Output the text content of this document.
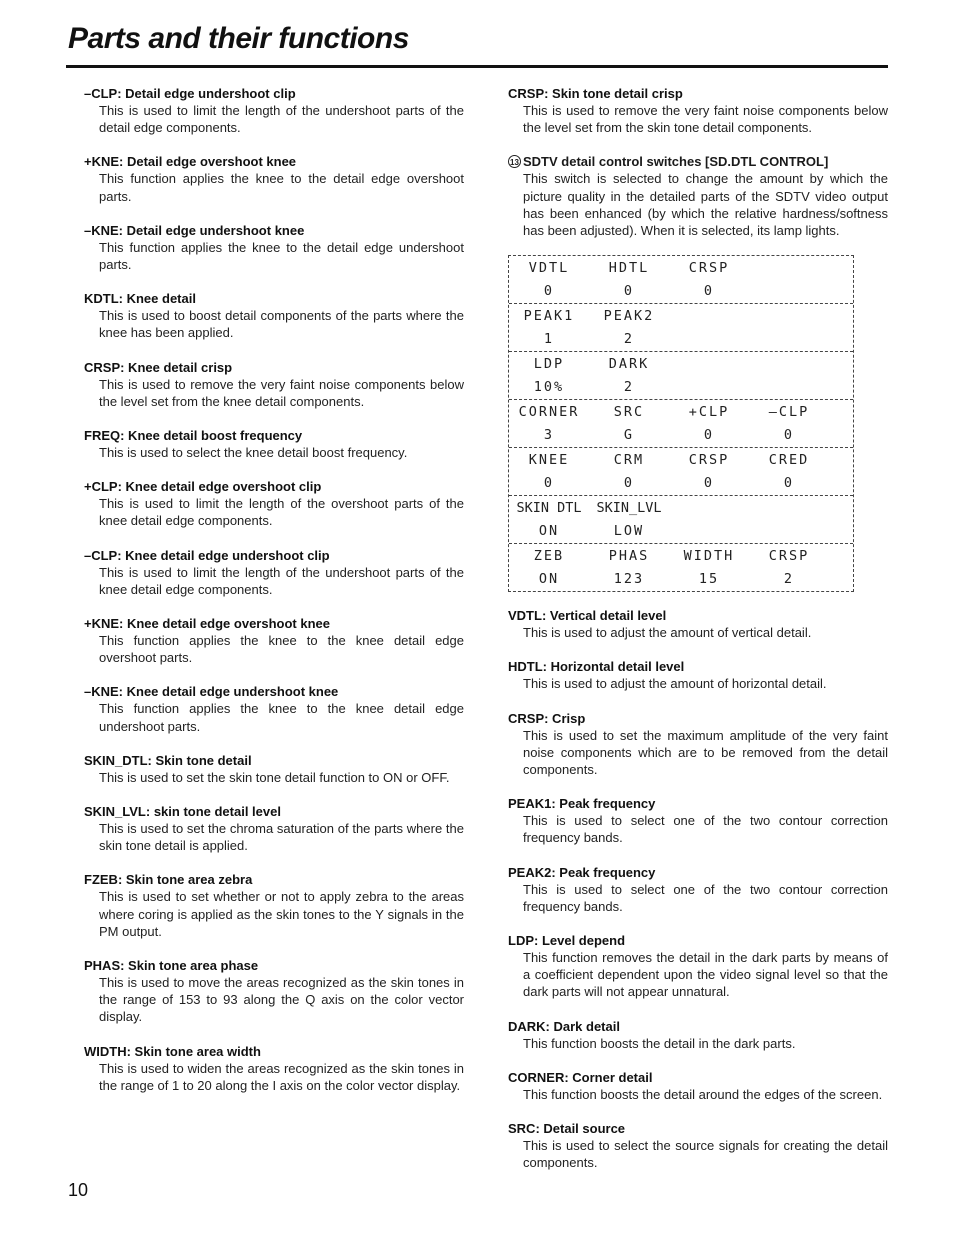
Parts and their functions
–CLP: Detail edge undershoot clip
This is used to limit the length of the undershoot parts of the detail edge components.
+KNE: Detail edge overshoot knee
This function applies the knee to the detail edge overshoot parts.
–KNE: Detail edge undershoot knee
This function applies the knee to the detail edge undershoot parts.
KDTL: Knee detail
This is used to boost detail components of the parts where the knee has been applied.
CRSP: Knee detail crisp
This is used to remove the very faint noise components below the level set from the knee detail components.
FREQ: Knee detail boost frequency
This is used to select the knee detail boost frequency.
+CLP: Knee detail edge overshoot clip
This is used to limit the length of the overshoot parts of the knee detail edge components.
–CLP: Knee detail edge undershoot clip
This is used to limit the length of the undershoot parts of the knee detail edge components.
+KNE: Knee detail edge overshoot knee
This function applies the knee to the knee detail edge overshoot parts.
–KNE: Knee detail edge undershoot knee
This function applies the knee to the knee detail edge undershoot parts.
SKIN_DTL: Skin tone detail
This is used to set the skin tone detail function to ON or OFF.
SKIN_LVL: skin tone detail level
This is used to set the chroma saturation of the parts where the skin tone detail is applied.
FZEB: Skin tone area zebra
This is used to set whether or not to apply zebra to the areas where coring is applied as the skin tones to the Y signals in the PM output.
PHAS: Skin tone area phase
This is used to move the areas recognized as the skin tones in the range of 153 to 93 along the Q axis on the color vector display.
WIDTH: Skin tone area width
This is used to widen the areas recognized as the skin tones in the range of 1 to 20 along the I axis on the color vector display.
CRSP: Skin tone detail crisp
This is used to remove the very faint noise components below the level set from the skin tone detail components.
13 SDTV detail control switches [SD.DTL CONTROL]
This switch is selected to change the amount by which the picture quality in the detailed parts of the SDTV video output has been enhanced (by which the relative hardness/softness has been adjusted). When it is selected, its lamp lights.
VDTL	HDTL	CRSP
0	0	0
PEAK1	PEAK2
1	2
LDP	DARK
10%	2
CORNER	SRC	+CLP	–CLP
3	G	0	0
KNEE	CRM	CRSP	CRED
0	0	0	0
SKIN DTL	SKIN_LVL
ON	LOW
ZEB	PHAS	WIDTH	CRSP
ON	123	15	2
VDTL: Vertical detail level
This is used to adjust the amount of vertical detail.
HDTL: Horizontal detail level
This is used to adjust the amount of horizontal detail.
CRSP: Crisp
This is used to set the maximum amplitude of the very faint noise components which are to be removed from the detail components.
PEAK1: Peak frequency
This is used to select one of the two contour correction frequency bands.
PEAK2: Peak frequency
This is used to select one of the two contour correction frequency bands.
LDP: Level depend
This function removes the detail in the dark parts by means of a coefficient dependent upon the video signal level so that the dark parts will not appear unnatural.
DARK: Dark detail
This function boosts the detail in the dark parts.
CORNER: Corner detail
This function boosts the detail around the edges of the screen.
SRC: Detail source
This is used to select the source signals for creating the detail components.
10
